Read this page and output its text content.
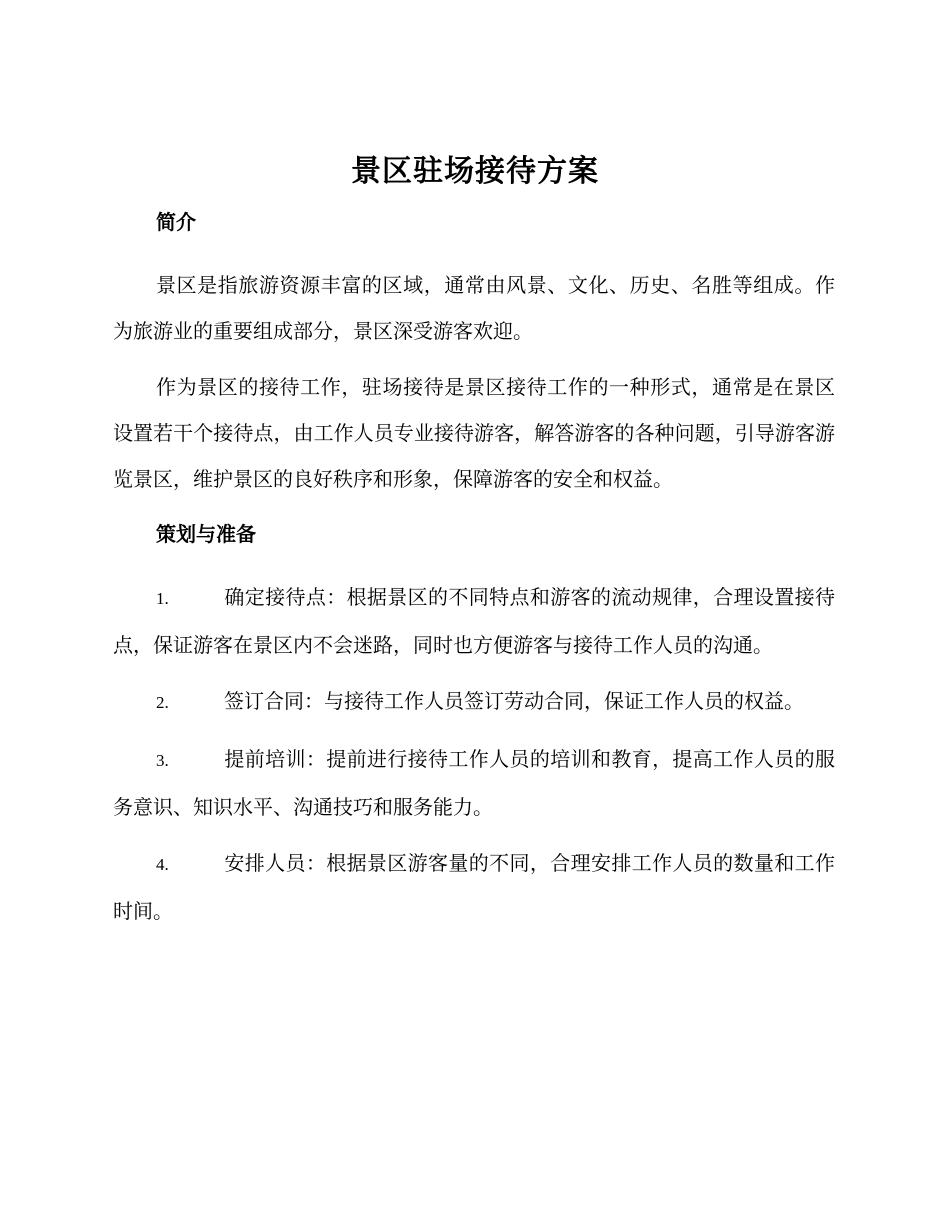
景区驻场接待方案
简介

景区是指旅游资源丰富的区域，通常由风景、文化、历史、名胜等组成。作为旅游业的重要组成部分，景区深受游客欢迎。

作为景区的接待工作，驻场接待是景区接待工作的一种形式，通常是在景区设置若干个接待点，由工作人员专业接待游客，解答游客的各种问题，引导游客游览景区，维护景区的良好秩序和形象，保障游客的安全和权益。

策划与准备

1.	确定接待点：根据景区的不同特点和游客的流动规律，合理设置接待点，保证游客在景区内不会迷路，同时也方便游客与接待工作人员的沟通。

2.	签订合同：与接待工作人员签订劳动合同，保证工作人员的权益。

3.	提前培训：提前进行接待工作人员的培训和教育，提高工作人员的服务意识、知识水平、沟通技巧和服务能力。

4.	安排人员：根据景区游客量的不同，合理安排工作人员的数量和工作时间。
